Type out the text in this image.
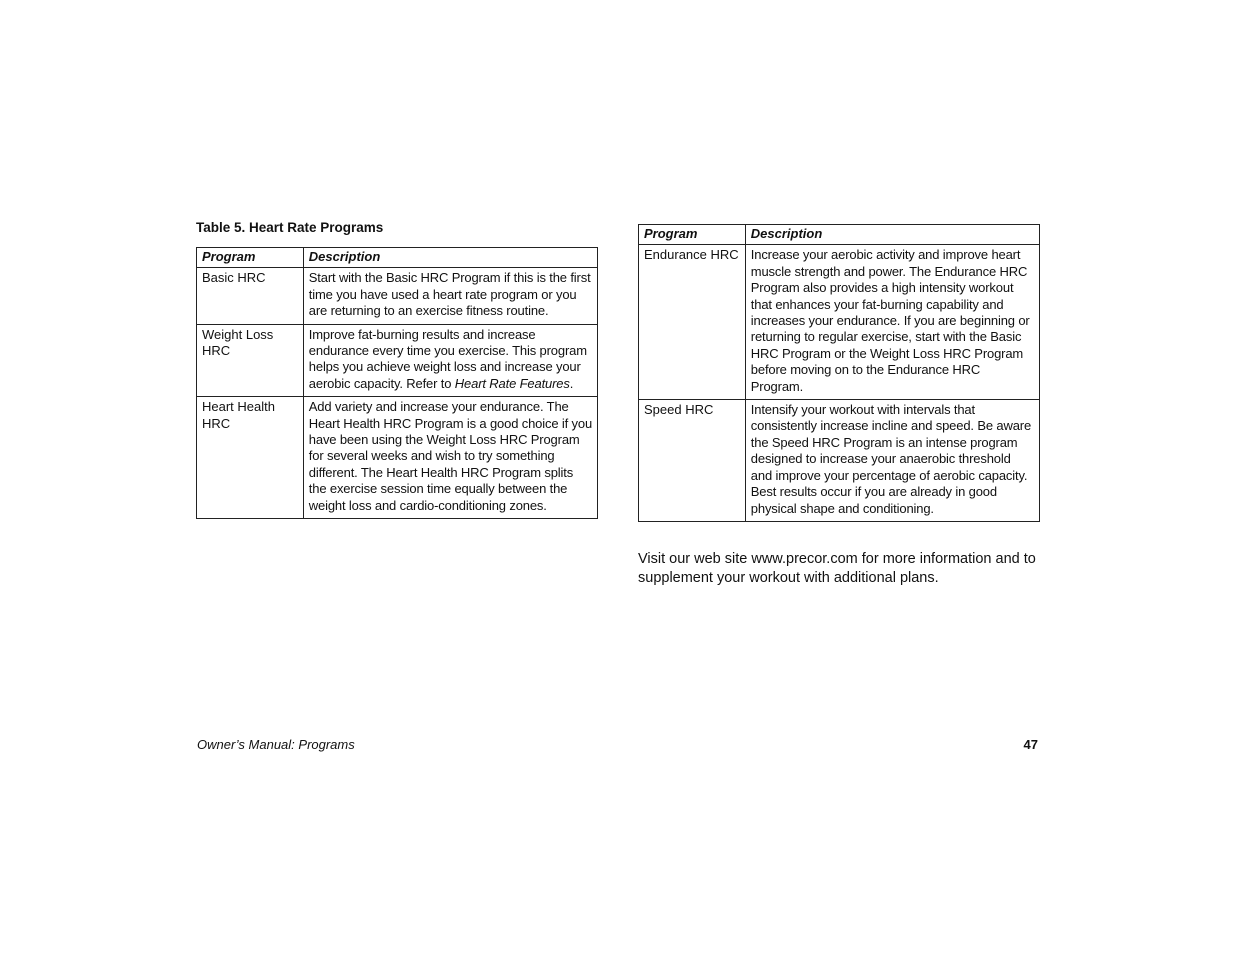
Table 5. Heart Rate Programs

Program	Description
Basic HRC	Start with the Basic HRC Program if this is the first time you have used a heart rate program or you are returning to an exercise fitness routine.
Weight Loss HRC	Improve fat-burning results and increase endurance every time you exercise. This program helps you achieve weight loss and increase your aerobic capacity. Refer to Heart Rate Features.
Heart Health HRC	Add variety and increase your endurance. The Heart Health HRC Program is a good choice if you have been using the Weight Loss HRC Program for several weeks and wish to try something different. The Heart Health HRC Program splits the exercise session time equally between the weight loss and cardio-conditioning zones.
Program	Description
Endurance HRC	Increase your aerobic activity and improve heart muscle strength and power. The Endurance HRC Program also provides a high intensity workout that enhances your fat-burning capability and increases your endurance. If you are beginning or returning to regular exercise, start with the Basic HRC Program or the Weight Loss HRC Program before moving on to the Endurance HRC Program.
Speed HRC	Intensify your workout with intervals that consistently increase incline and speed. Be aware the Speed HRC Program is an intense program designed to increase your anaerobic threshold and improve your percentage of aerobic capacity. Best results occur if you are already in good physical shape and conditioning.

Visit our web site www.precor.com for more information and to supplement your workout with additional plans.

Owner’s Manual: Programs	47
